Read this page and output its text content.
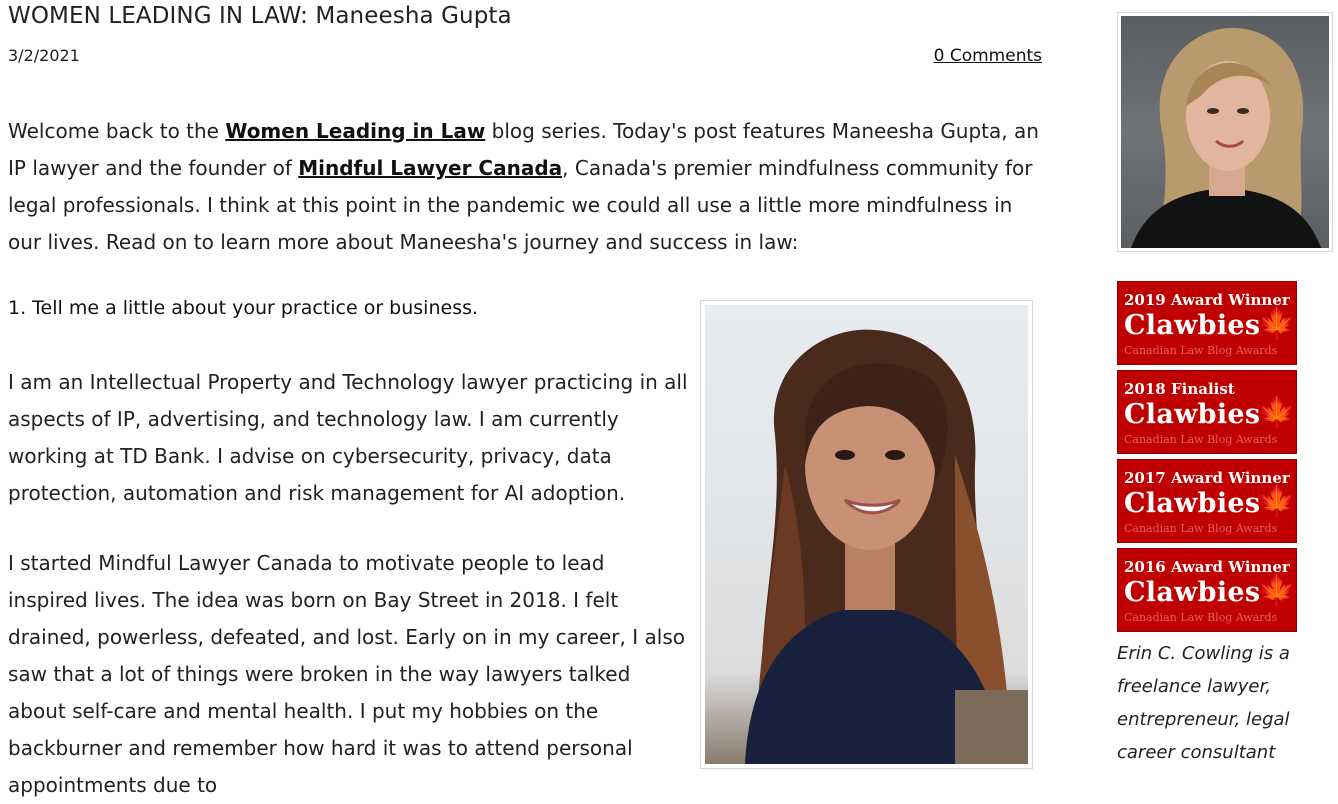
WOMEN LEADING IN LAW: Maneesha Gupta
3/2/2021	0 Comments
Welcome back to the Women Leading in Law blog series. Today's post features Maneesha Gupta, an IP lawyer and the founder of Mindful Lawyer Canada, Canada's premier mindfulness community for legal professionals. I think at this point in the pandemic we could all use a little more mindfulness in our lives. Read on to learn more about Maneesha's journey and success in law:
1. Tell me a little about your practice or business.
I am an Intellectual Property and Technology lawyer practicing in all aspects of IP, advertising, and technology law. I am currently working at TD Bank. I advise on cybersecurity, privacy, data protection, automation and risk management for AI adoption.
I started Mindful Lawyer Canada to motivate people to lead inspired lives. The idea was born on Bay Street in 2018. I felt drained, powerless, defeated, and lost. Early on in my career, I also saw that a lot of things were broken in the way lawyers talked about self-care and mental health. I put my hobbies on the backburner and remember how hard it was to attend personal appointments due to
2019 Award Winner
Clawbies
Canadian Law Blog Awards
🍁
2018 Finalist
Clawbies
Canadian Law Blog Awards
🍁
2017 Award Winner
Clawbies
Canadian Law Blog Awards
🍁
2016 Award Winner
Clawbies
Canadian Law Blog Awards
🍁
Erin C. Cowling is a freelance lawyer, entrepreneur, legal career consultant
